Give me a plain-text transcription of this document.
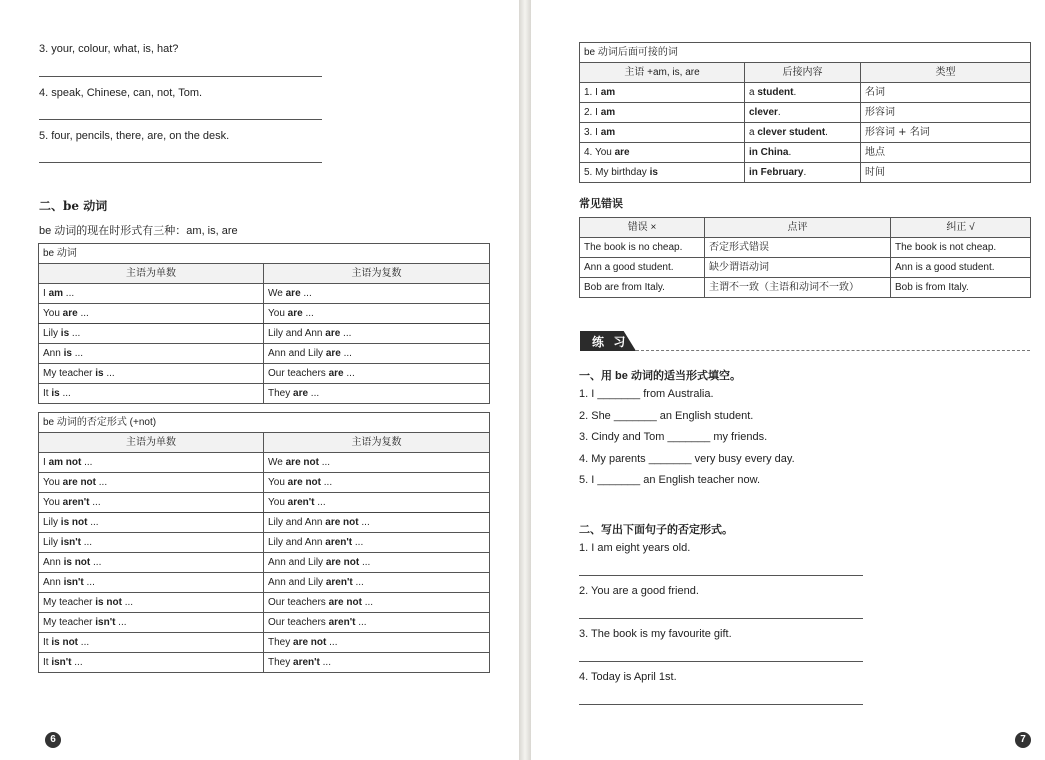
3. your, colour, what, is, hat?
4. speak, Chinese, can, not, Tom.
5. four, pencils, there, are, on the desk.
二、be 动词
be 动词的现在时形式有三种：am, is, are
be 动词	
主语为单数	主语为复数
I am ...	We are ...
You are ...	You are ...
Lily is ...	Lily and Ann are ...
Ann is ...	Ann and Lily are ...
My teacher is ...	Our teachers are ...
It is ...	They are ...
be 动词的否定形式 (+not)	
主语为单数	主语为复数
I am not ...	We are not ...
You are not ...	You are not ...
You aren't ...	You aren't ...
Lily is not ...	Lily and Ann are not ...
Lily isn't ...	Lily and Ann aren't ...
Ann is not ...	Ann and Lily are not ...
Ann isn't ...	Ann and Lily aren't ...
My teacher is not ...	Our teachers are not ...
My teacher isn't ...	Our teachers aren't ...
It is not ...	They are not ...
It isn't ...	They aren't ...
6
be 动词后面可接的词		
主语 +am, is, are	后接内容	类型
1. I am	a student.	名词
2. I am	clever.	形容词
3. I am	a clever student.	形容词 + 名词
4. You are	in China.	地点
5. My birthday is	in February.	时间
常见错误
错误 ×	点评	纠正 √
The book is no cheap.	否定形式错误	The book is not cheap.
Ann a good student.	缺少谓语动词	Ann is a good student.
Bob are from Italy.	主谓不一致（主语和动词不一致）	Bob is from Italy.
练 习
一、用 be 动词的适当形式填空。
1. I _______ from Australia.
2. She _______ an English student.
3. Cindy and Tom _______ my friends.
4. My parents _______ very busy every day.
5. I _______ an English teacher now.
二、写出下面句子的否定形式。
1. I am eight years old.
2. You are a good friend.
3. The book is my favourite gift.
4. Today is April 1st.
7
